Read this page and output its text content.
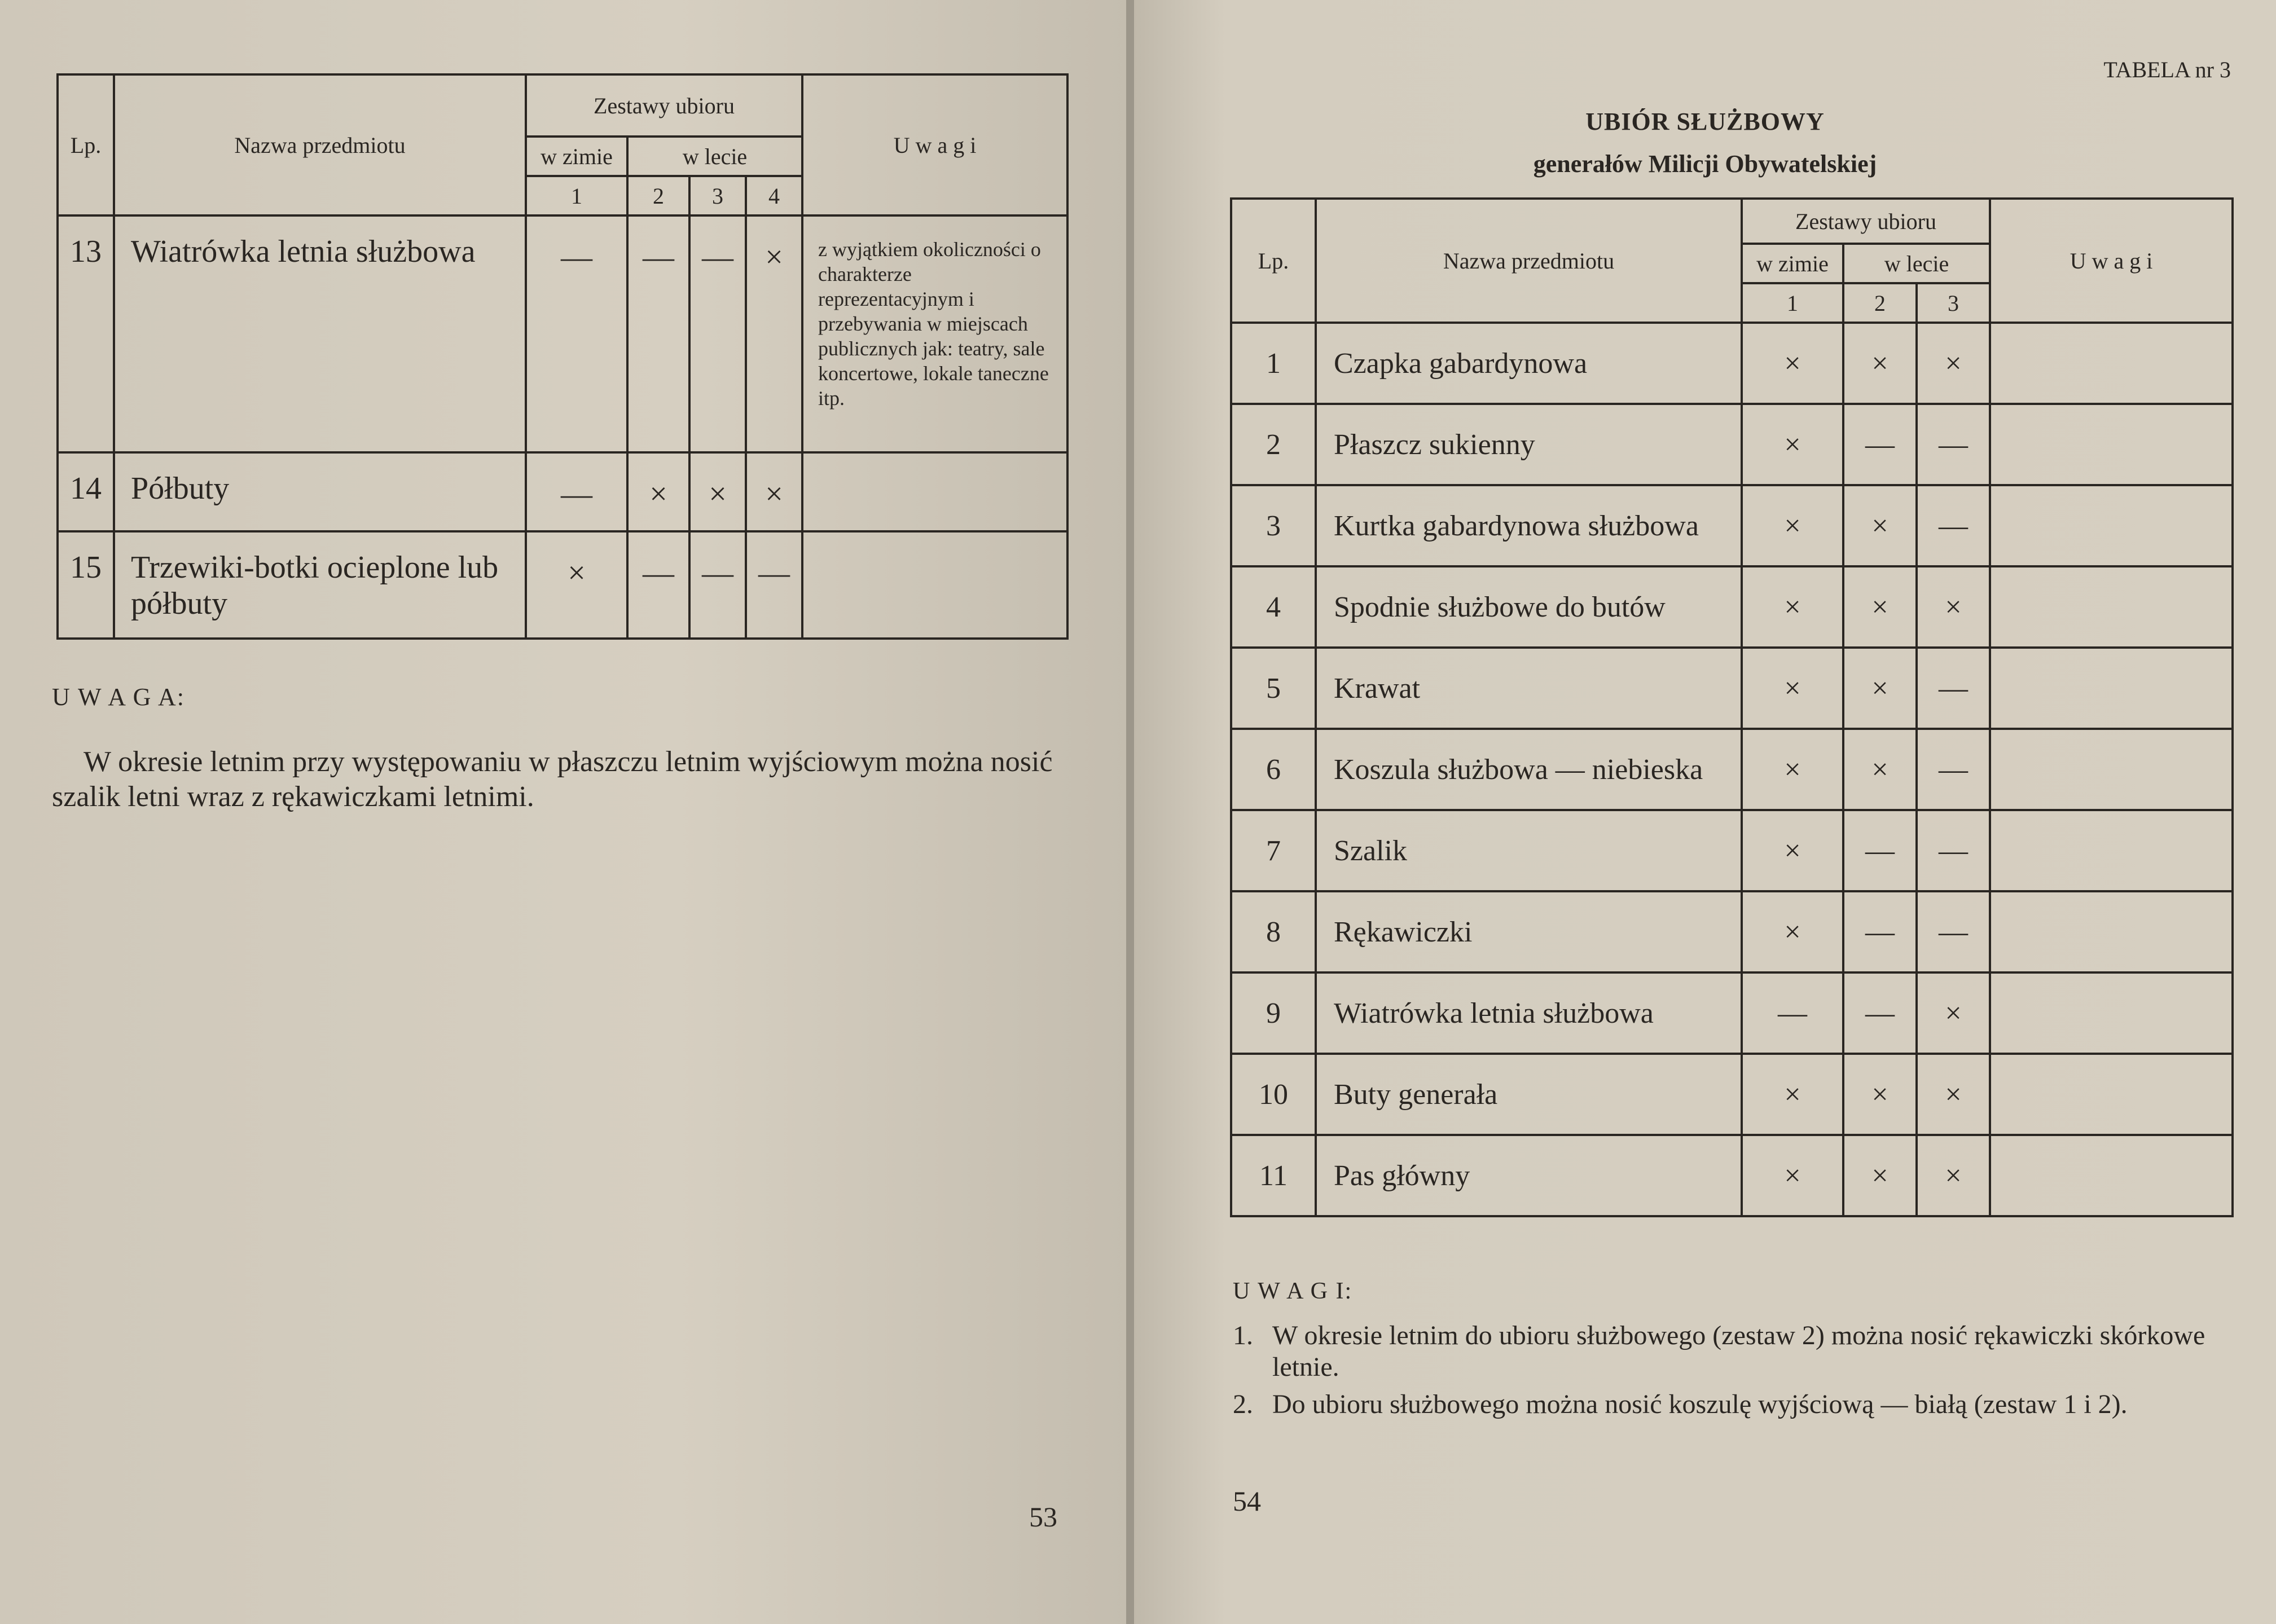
Lp.	Nazwa przedmiotu	Zestawy ubioru				U w a g i
		w zimie	w lecie			
		1	2	3	4	
13	Wiatrówka letnia służbowa	—	—	—	×	z wyjątkiem okoliczności o charakterze reprezentacyjnym i przebywania w miejscach publicznych jak: teatry, sale koncertowe, lokale taneczne itp.
14	Półbuty	—	×	×	×	
15	Trzewiki-botki ocieplone lub półbuty	×	—	—	—	
U W A G A:
W okresie letnim przy występowaniu w płaszczu letnim wyjściowym można nosić szalik letni wraz z rękawiczkami letnimi.
53
TABELA nr 3
UBIÓR SŁUŻBOWY
generałów Milicji Obywatelskiej
Lp.	Nazwa przedmiotu	Zestawy ubioru			U w a g i
		w zimie	w lecie		
		1	2	3	
1	Czapka gabardynowa	×	×	×	
2	Płaszcz sukienny	×	—	—	
3	Kurtka gabardynowa służbowa	×	×	—	
4	Spodnie służbowe do butów	×	×	×	
5	Krawat	×	×	—	
6	Koszula służbowa — niebieska	×	×	—	
7	Szalik	×	—	—	
8	Rękawiczki	×	—	—	
9	Wiatrówka letnia służbowa	—	—	×	
10	Buty generała	×	×	×	
11	Pas główny	×	×	×	
U W A G I:
1. W okresie letnim do ubioru służbowego (zestaw 2) można nosić rękawiczki skórkowe letnie.
2. Do ubioru służbowego można nosić koszulę wyjściową — białą (zestaw 1 i 2).
54
